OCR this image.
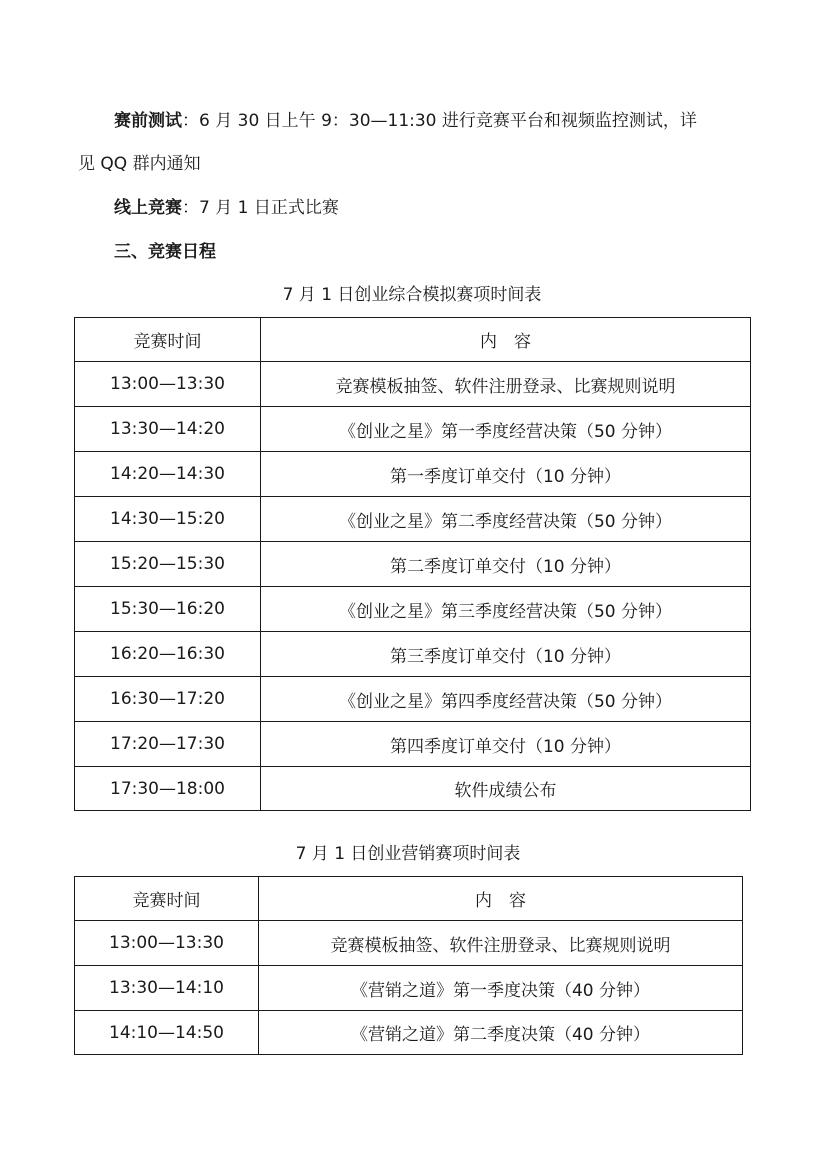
赛前测试：6 月 30 日上午 9：30—11:30 进行竞赛平台和视频监控测试，详
见 QQ 群内通知
线上竞赛：7 月 1 日正式比赛
三、竞赛日程
7 月 1 日创业综合模拟赛项时间表
竞赛时间	内　容
13:00—13:30	竞赛模板抽签、软件注册登录、比赛规则说明
13:30—14:20	《创业之星》第一季度经营决策（50 分钟）
14:20—14:30	第一季度订单交付（10 分钟）
14:30—15:20	《创业之星》第二季度经营决策（50 分钟）
15:20—15:30	第二季度订单交付（10 分钟）
15:30—16:20	《创业之星》第三季度经营决策（50 分钟）
16:20—16:30	第三季度订单交付（10 分钟）
16:30—17:20	《创业之星》第四季度经营决策（50 分钟）
17:20—17:30	第四季度订单交付（10 分钟）
17:30—18:00	软件成绩公布
7 月 1 日创业营销赛项时间表
竞赛时间	内　容
13:00—13:30	竞赛模板抽签、软件注册登录、比赛规则说明
13:30—14:10	《营销之道》第一季度决策（40 分钟）
14:10—14:50	《营销之道》第二季度决策（40 分钟）
